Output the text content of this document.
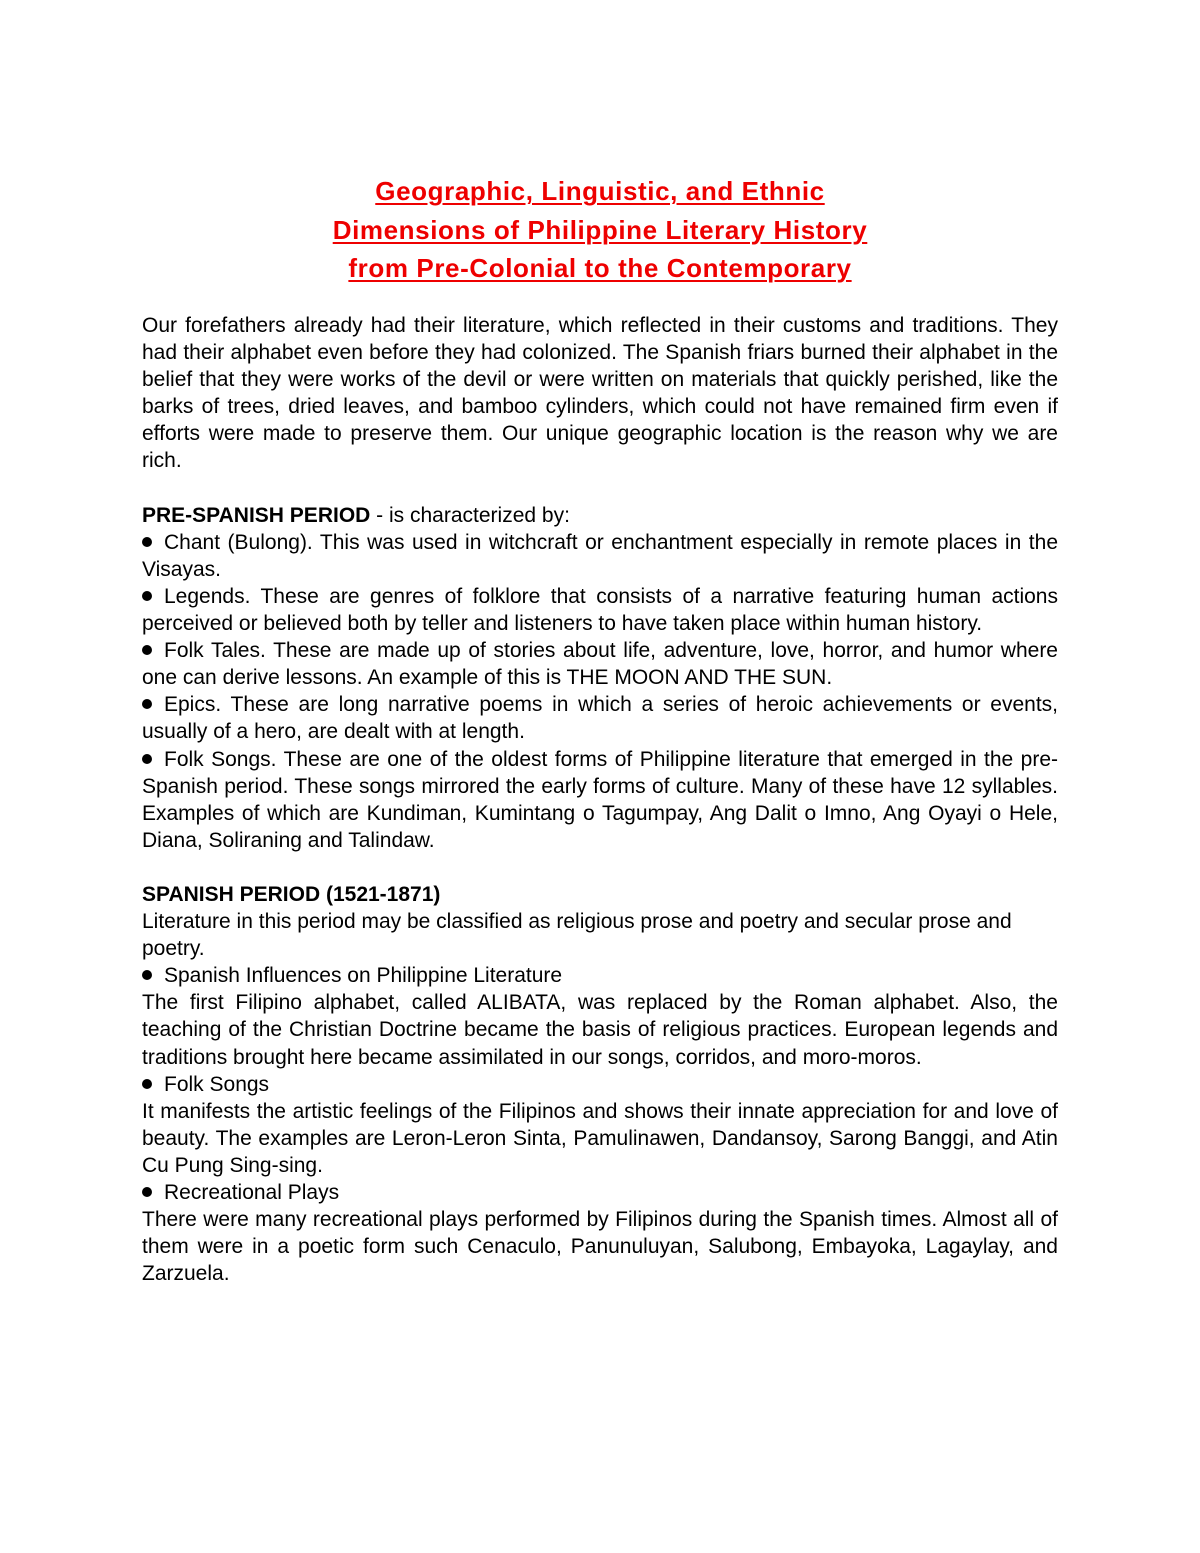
Geographic, Linguistic, and Ethnic
Dimensions of Philippine Literary History
from Pre-Colonial to the Contemporary

Our forefathers already had their literature, which reflected in their customs and traditions. They had their alphabet even before they had colonized. The Spanish friars burned their alphabet in the belief that they were works of the devil or were written on materials that quickly perished, like the barks of trees, dried leaves, and bamboo cylinders, which could not have remained firm even if efforts were made to preserve them. Our unique geographic location is the reason why we are rich.

PRE-SPANISH PERIOD - is characterized by:

Chant (Bulong). This was used in witchcraft or enchantment especially in remote places in the Visayas.

Legends. These are genres of folklore that consists of a narrative featuring human actions perceived or believed both by teller and listeners to have taken place within human history.

Folk Tales. These are made up of stories about life, adventure, love, horror, and humor where one can derive lessons. An example of this is THE MOON AND THE SUN.

Epics. These are long narrative poems in which a series of heroic achievements or events, usually of a hero, are dealt with at length.

Folk Songs. These are one of the oldest forms of Philippine literature that emerged in the pre-Spanish period. These songs mirrored the early forms of culture. Many of these have 12 syllables. Examples of which are Kundiman, Kumintang o Tagumpay, Ang Dalit o Imno, Ang Oyayi o Hele, Diana, Soliraning and Talindaw.

SPANISH PERIOD (1521-1871)

Literature in this period may be classified as religious prose and poetry and secular prose and poetry.

Spanish Influences on Philippine Literature

The first Filipino alphabet, called ALIBATA, was replaced by the Roman alphabet. Also, the teaching of the Christian Doctrine became the basis of religious practices. European legends and traditions brought here became assimilated in our songs, corridos, and moro-moros.

Folk Songs

It manifests the artistic feelings of the Filipinos and shows their innate appreciation for and love of beauty. The examples are Leron-Leron Sinta, Pamulinawen, Dandansoy, Sarong Banggi, and Atin Cu Pung Sing-sing.

Recreational Plays

There were many recreational plays performed by Filipinos during the Spanish times. Almost all of them were in a poetic form such Cenaculo, Panunuluyan, Salubong, Embayoka, Lagaylay, and Zarzuela.
